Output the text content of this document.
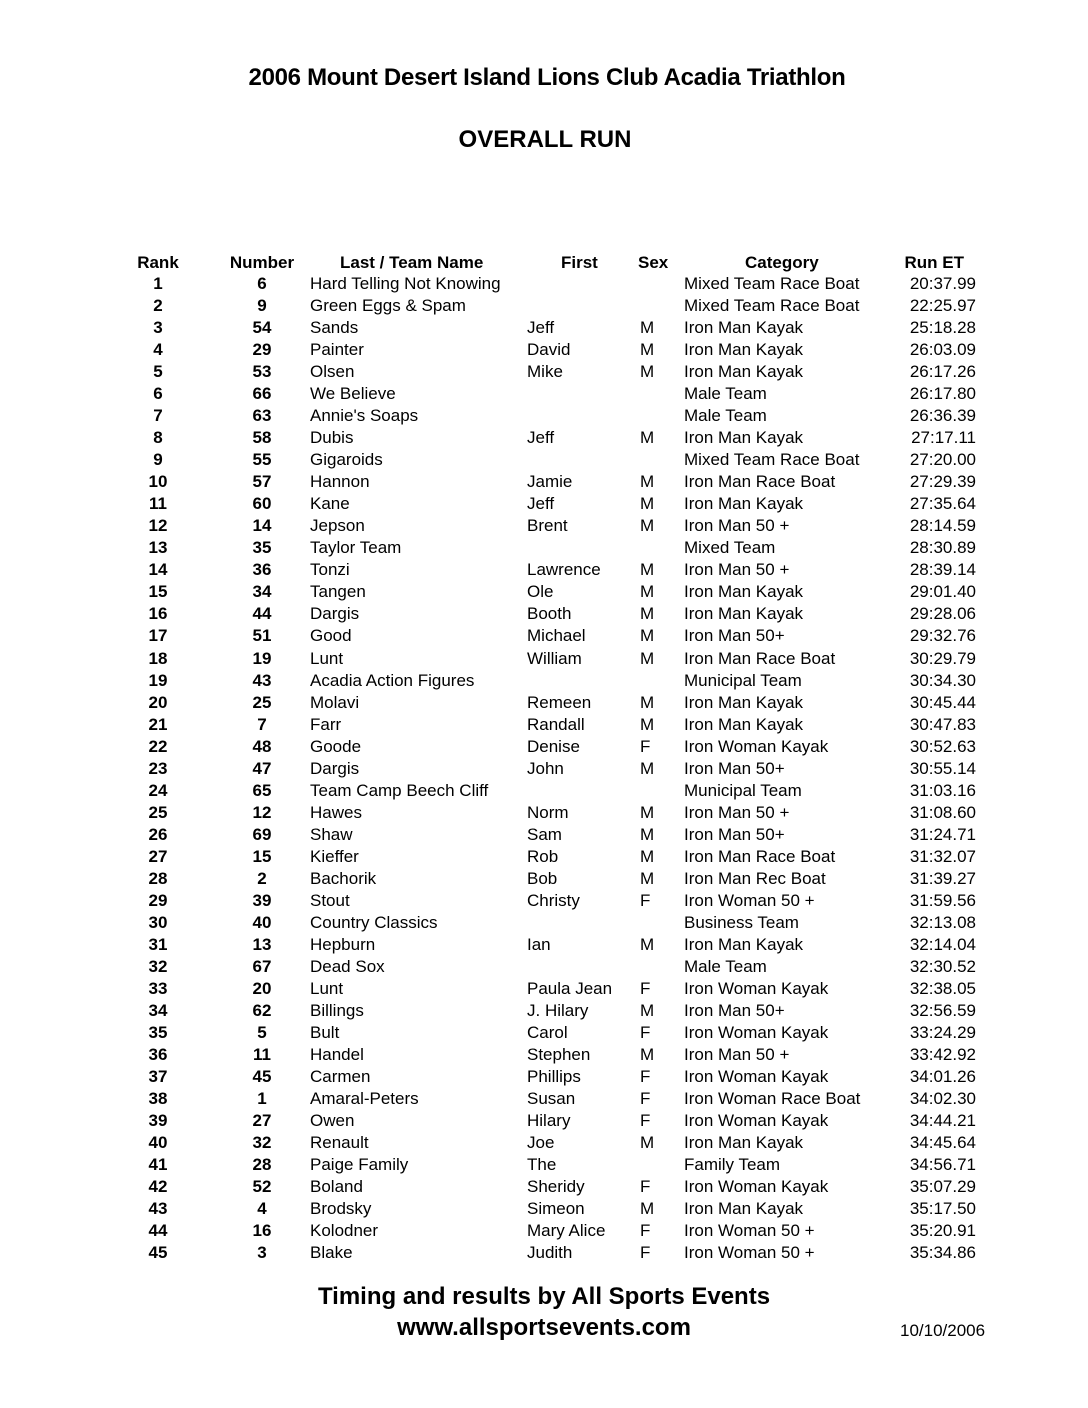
2006 Mount Desert Island Lions Club Acadia Triathlon
OVERALL RUN
Rank	Number	Last / Team Name	First Sex	Category	Run ET
1	6	Hard Telling Not Knowing	Mixed Team Race Boat	20:37.99
2	9	Green Eggs & Spam	Mixed Team Race Boat	22:25.97
3	54	Sands	Jeff	M Iron Man Kayak	25:18.28
4	29	Painter	David	M Iron Man Kayak	26:03.09
5	53	Olsen	Mike	M Iron Man Kayak	26:17.26
6	66	We Believe	Male Team	26:17.80
7	63	Annie's Soaps	Male Team	26:36.39
8	58	Dubis	Jeff	M Iron Man Kayak	27:17.11
9	55	Gigaroids	Mixed Team Race Boat	27:20.00
10	57	Hannon	Jamie	M Iron Man Race Boat	27:29.39
11	60	Kane	Jeff	M Iron Man Kayak	27:35.64
12	14	Jepson	Brent	M Iron Man 50 +	28:14.59
13	35	Taylor Team	Mixed Team	28:30.89
14	36	Tonzi	Lawrence M Iron Man 50 +	28:39.14
15	34	Tangen	Ole	M Iron Man Kayak	29:01.40
16	44	Dargis	Booth	M Iron Man Kayak	29:28.06
17	51	Good	Michael	M Iron Man 50+	29:32.76
18	19	Lunt	William	M Iron Man Race Boat	30:29.79
19	43	Acadia Action Figures	Municipal Team	30:34.30
20	25	Molavi	Remeen	M Iron Man Kayak	30:45.44
21	7	Farr	Randall	M Iron Man Kayak	30:47.83
22	48	Goode	Denise	F Iron Woman Kayak	30:52.63
23	47	Dargis	John	M Iron Man 50+	30:55.14
24	65	Team Camp Beech Cliff	Municipal Team	31:03.16
25	12	Hawes	Norm	M Iron Man 50 +	31:08.60
26	69	Shaw	Sam	M Iron Man 50+	31:24.71
27	15	Kieffer	Rob	M Iron Man Race Boat	31:32.07
28	2	Bachorik	Bob	M Iron Man Rec Boat	31:39.27
29	39	Stout	Christy	F Iron Woman 50 +	31:59.56
30	40	Country Classics	Business Team	32:13.08
31	13	Hepburn	Ian	M Iron Man Kayak	32:14.04
32	67	Dead Sox	Male Team	32:30.52
33	20	Lunt	Paula Jean F Iron Woman Kayak	32:38.05
34	62	Billings	J. Hilary	M Iron Man 50+	32:56.59
35	5	Bult	Carol	F Iron Woman Kayak	33:24.29
36	11	Handel	Stephen	M Iron Man 50 +	33:42.92
37	45	Carmen	Phillips	F Iron Woman Kayak	34:01.26
38	1	Amaral-Peters	Susan	F Iron Woman Race Boat	34:02.30
39	27	Owen	Hilary	F Iron Woman Kayak	34:44.21
40	32	Renault	Joe	M Iron Man Kayak	34:45.64
41	28	Paige Family	The	Family Team	34:56.71
42	52	Boland	Sheridy	F Iron Woman Kayak	35:07.29
43	4	Brodsky	Simeon	M Iron Man Kayak	35:17.50
44	16	Kolodner	Mary Alice F Iron Woman 50 +	35:20.91
45	3	Blake	Judith	F Iron Woman 50 +	35:34.86
Timing and results by All Sports Events
www.allsportsevents.com	10/10/2006
